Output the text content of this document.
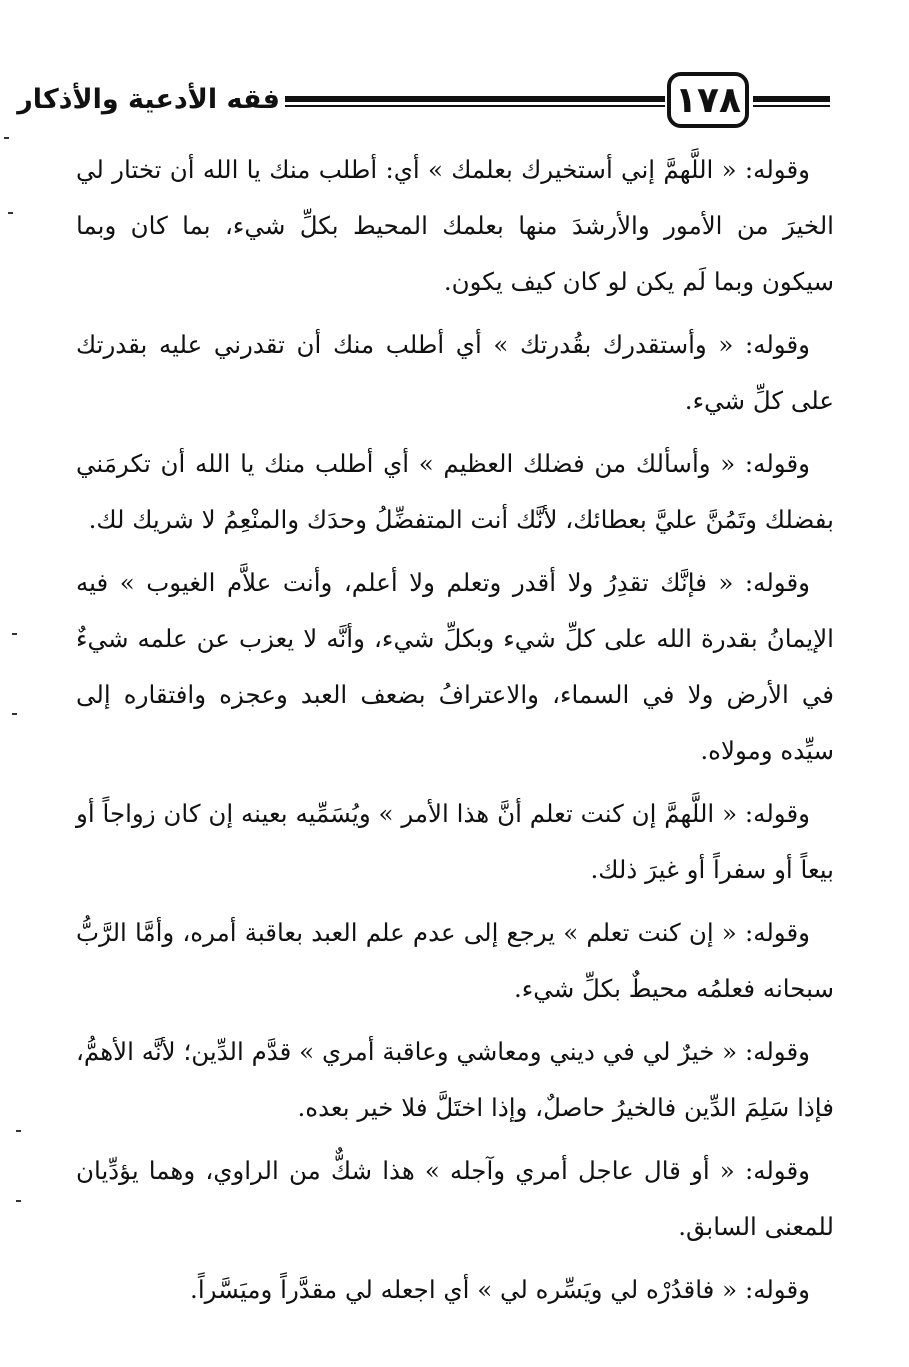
فقه الأدعية والأذكار	١٧٨

وقوله: « اللَّهمَّ إني أستخيرك بعلمك » أي: أطلب منك يا الله أن تختار لي الخيرَ من الأمور والأرشدَ منها بعلمك المحيط بكلِّ شيء، بما كان وبما سيكون وبما لَم يكن لو كان كيف يكون.

وقوله: « وأستقدرك بقُدرتك » أي أطلب منك أن تقدرني عليه بقدرتك على كلِّ شيء.

وقوله: « وأسألك من فضلك العظيم » أي أطلب منك يا الله أن تكرمَني بفضلك وتَمُنَّ عليَّ بعطائك، لأنَّك أنت المتفضِّلُ وحدَك والمنْعِمُ لا شريك لك.

وقوله: « فإنَّك تقدِرُ ولا أقدر وتعلم ولا أعلم، وأنت علاَّم الغيوب » فيه الإيمانُ بقدرة الله على كلِّ شيء وبكلِّ شيء، وأنَّه لا يعزب عن علمه شيءٌ في الأرض ولا في السماء، والاعترافُ بضعف العبد وعجزه وافتقاره إلى سيِّده ومولاه.

وقوله: « اللَّهمَّ إن كنت تعلم أنَّ هذا الأمر » ويُسَمِّيه بعينه إن كان زواجاً أو بيعاً أو سفراً أو غيرَ ذلك.

وقوله: « إن كنت تعلم » يرجع إلى عدم علم العبد بعاقبة أمره، وأمَّا الرَّبُّ سبحانه فعلمُه محيطٌ بكلِّ شيء.

وقوله: « خيرٌ لي في ديني ومعاشي وعاقبة أمري » قدَّم الدِّين؛ لأنَّه الأهمُّ، فإذا سَلِمَ الدِّين فالخيرُ حاصلٌ، وإذا اختَلَّ فلا خير بعده.

وقوله: « أو قال عاجل أمري وآجله » هذا شكٌّ من الراوي، وهما يؤدِّيان للمعنى السابق.

وقوله: « فاقدُرْه لي ويَسِّره لي » أي اجعله لي مقدَّراً وميَسَّراً.
